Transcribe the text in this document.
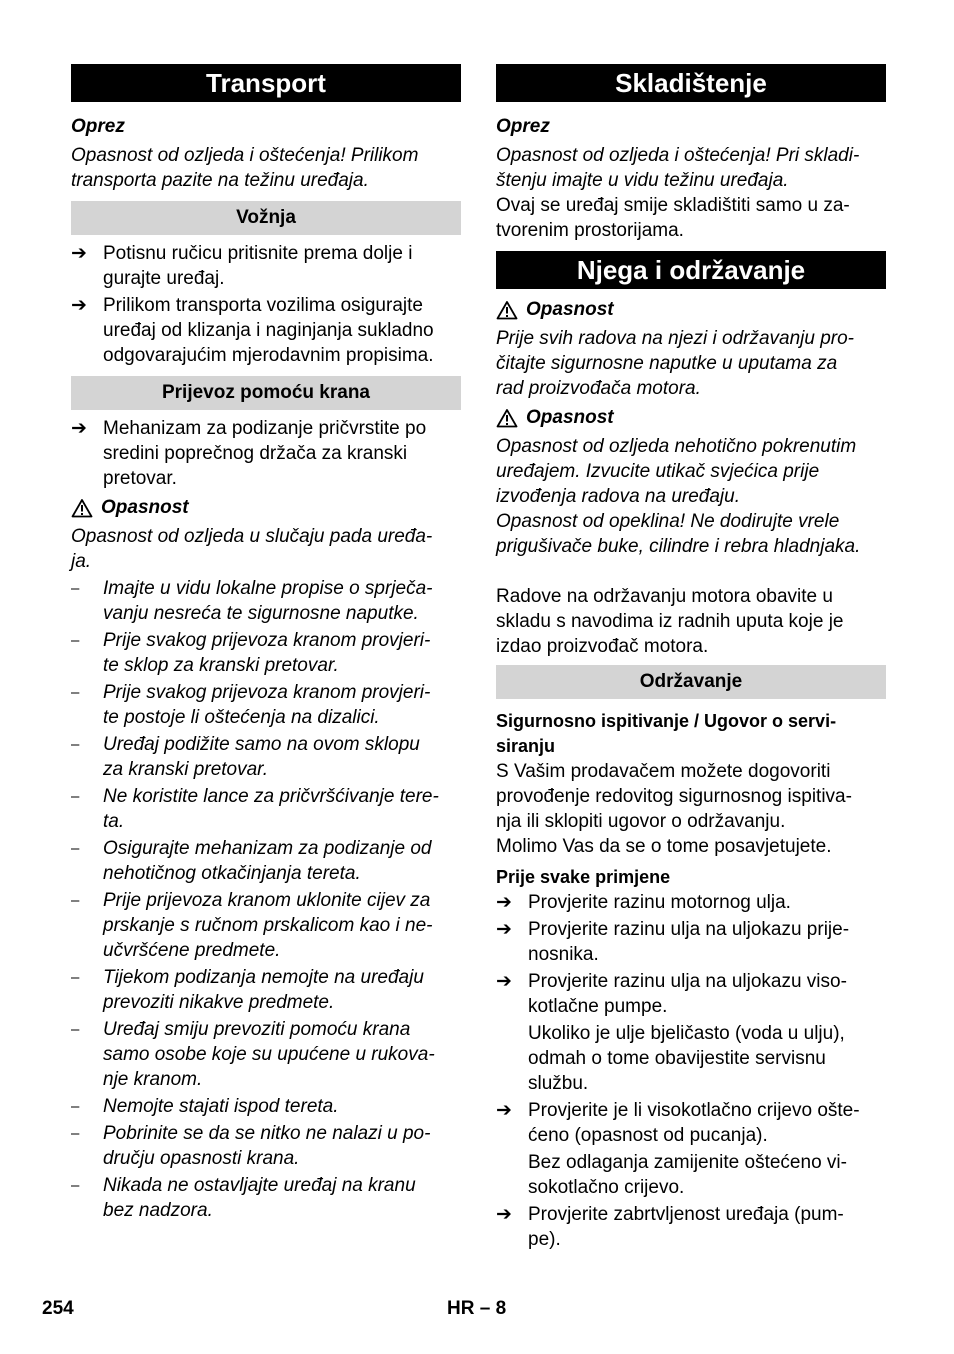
Transport
Oprez
Opasnost od ozljeda i oštećenja! Prilikom
transporta pazite na težinu uređaja.
Vožnja
➔ Potisnu ručicu pritisnite prema dolje i
gurajte uređaj.
➔ Prilikom transporta vozilima osigurajte
uređaj od klizanja i naginjanja sukladno
odgovarajućim mjerodavnim propisima.
Prijevoz pomoću krana
➔ Mehanizam za podizanje pričvrstite po
sredini poprečnog držača za kranski
pretovar.
Opasnost
Opasnost od ozljeda u slučaju pada uređa-
ja.
– Imajte u vidu lokalne propise o sprječa-
vanju nesreća te sigurnosne naputke.
– Prije svakog prijevoza kranom provjeri-
te sklop za kranski pretovar.
– Prije svakog prijevoza kranom provjeri-
te postoje li oštećenja na dizalici.
– Uređaj podižite samo na ovom sklopu
za kranski pretovar.
– Ne koristite lance za pričvršćivanje tere-
ta.
– Osigurajte mehanizam za podizanje od
nehotičnog otkačinjanja tereta.
– Prije prijevoza kranom uklonite cijev za
prskanje s ručnom prskalicom kao i ne-
učvršćene predmete.
– Tijekom podizanja nemojte na uređaju
prevoziti nikakve predmete.
– Uređaj smiju prevoziti pomoću krana
samo osobe koje su upućene u rukova-
nje kranom.
– Nemojte stajati ispod tereta.
– Pobrinite se da se nitko ne nalazi u po-
dručju opasnosti krana.
– Nikada ne ostavljajte uređaj na kranu
bez nadzora.
Skladištenje
Oprez
Opasnost od ozljeda i oštećenja! Pri skladi-
štenju imajte u vidu težinu uređaja.
Ovaj se uređaj smije skladištiti samo u za-
tvorenim prostorijama.
Njega i održavanje
Opasnost
Prije svih radova na njezi i održavanju pro-
čitajte sigurnosne naputke u uputama za
rad proizvođača motora.
Opasnost
Opasnost od ozljeda nehotično pokrenutim
uređajem. Izvucite utikač svjećica prije
izvođenja radova na uređaju.
Opasnost od opeklina! Ne dodirujte vrele
prigušivače buke, cilindre i rebra hladnjaka.
Radove na održavanju motora obavite u
skladu s navodima iz radnih uputa koje je
izdao proizvođač motora.
Održavanje
Sigurnosno ispitivanje / Ugovor o servi-
siranju
S Vašim prodavačem možete dogovoriti
provođenje redovitog sigurnosnog ispitiva-
nja ili sklopiti ugovor o održavanju.
Molimo Vas da se o tome posavjetujete.
Prije svake primjene
➔ Provjerite razinu motornog ulja.
➔ Provjerite razinu ulja na uljokazu prije-
nosnika.
➔ Provjerite razinu ulja na uljokazu viso-
kotlačne pumpe.
Ukoliko je ulje bjeličasto (voda u ulju),
odmah o tome obavijestite servisnu
službu.
➔ Provjerite je li visokotlačno crijevo ošte-
ćeno (opasnost od pucanja).
Bez odlaganja zamijenite oštećeno vi-
sokotlačno crijevo.
➔ Provjerite zabrtvljenost uređaja (pum-
pe).
254	HR – 8
